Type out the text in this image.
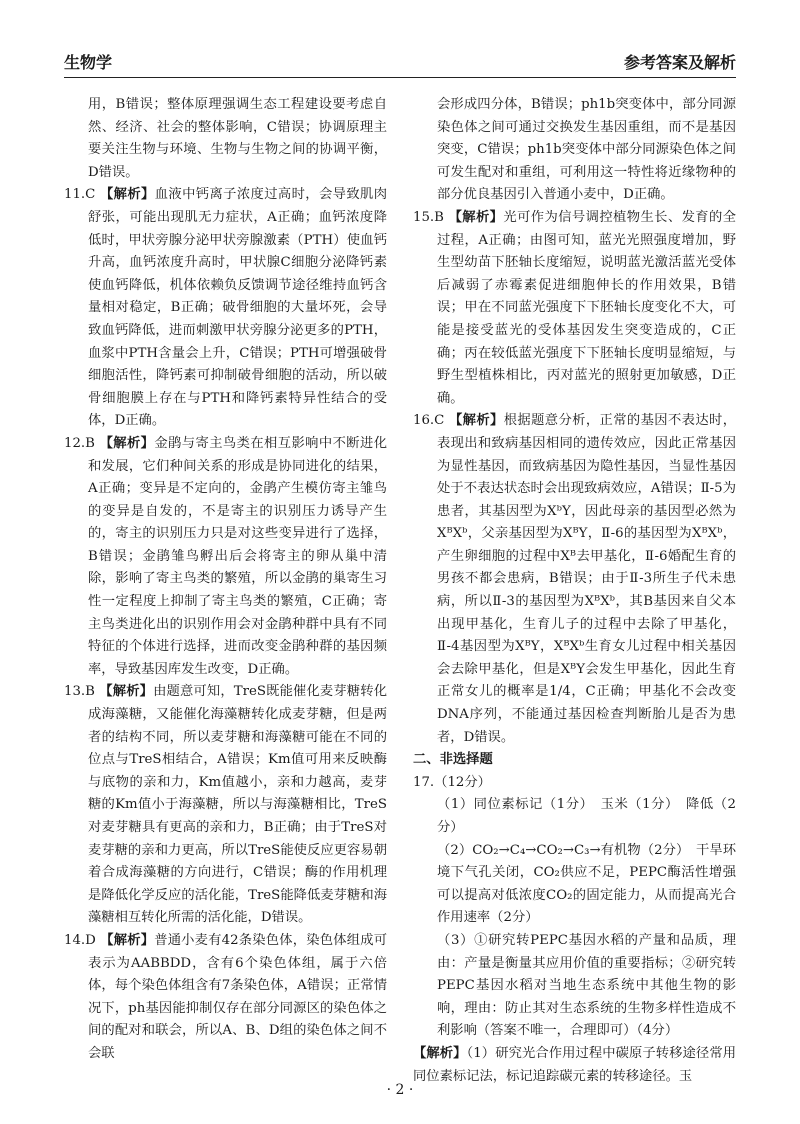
生物学	参考答案及解析

用，B错误；整体原理强调生态工程建设要考虑自然、经济、社会的整体影响，C错误；协调原理主要关注生物与环境、生物与生物之间的协调平衡，D错误。

11.C 【解析】血液中钙离子浓度过高时，会导致肌肉舒张，可能出现肌无力症状，A正确；血钙浓度降低时，甲状旁腺分泌甲状旁腺激素（PTH）使血钙升高，血钙浓度升高时，甲状腺C细胞分泌降钙素使血钙降低，机体依赖负反馈调节途径维持血钙含量相对稳定，B正确；破骨细胞的大量坏死，会导致血钙降低，进而刺激甲状旁腺分泌更多的PTH，血浆中PTH含量会上升，C错误；PTH可增强破骨细胞活性，降钙素可抑制破骨细胞的活动，所以破骨细胞膜上存在与PTH和降钙素特异性结合的受体，D正确。

12.B 【解析】金鹃与寄主鸟类在相互影响中不断进化和发展，它们种间关系的形成是协同进化的结果，A正确；变异是不定向的，金鹃产生模仿寄主雏鸟的变异是自发的，不是寄主的识别压力诱导产生的，寄主的识别压力只是对这些变异进行了选择，B错误；金鹃雏鸟孵出后会将寄主的卵从巢中清除，影响了寄主鸟类的繁殖，所以金鹃的巢寄生习性一定程度上抑制了寄主鸟类的繁殖，C正确；寄主鸟类进化出的识别作用会对金鹃种群中具有不同特征的个体进行选择，进而改变金鹃种群的基因频率，导致基因库发生改变，D正确。

13.B 【解析】由题意可知，TreS既能催化麦芽糖转化成海藻糖，又能催化海藻糖转化成麦芽糖，但是两者的结构不同，所以麦芽糖和海藻糖可能在不同的位点与TreS相结合，A错误；Km值可用来反映酶与底物的亲和力，Km值越小，亲和力越高，麦芽糖的Km值小于海藻糖，所以与海藻糖相比，TreS对麦芽糖具有更高的亲和力，B正确；由于TreS对麦芽糖的亲和力更高，所以TreS能使反应更容易朝着合成海藻糖的方向进行，C错误；酶的作用机理是降低化学反应的活化能，TreS能降低麦芽糖和海藻糖相互转化所需的活化能，D错误。

14.D 【解析】普通小麦有42条染色体，染色体组成可表示为AABBDD，含有6个染色体组，属于六倍体，每个染色体组含有7条染色体，A错误；正常情况下，ph基因能抑制仅存在部分同源区的染色体之间的配对和联会，所以A、B、D组的染色体之间不会联

会形成四分体，B错误；ph1b突变体中，部分同源染色体之间可通过交换发生基因重组，而不是基因突变，C错误；ph1b突变体中部分同源染色体之间可发生配对和重组，可利用这一特性将近缘物种的部分优良基因引入普通小麦中，D正确。

15.B 【解析】光可作为信号调控植物生长、发育的全过程，A正确；由图可知，蓝光光照强度增加，野生型幼苗下胚轴长度缩短，说明蓝光激活蓝光受体后减弱了赤霉素促进细胞伸长的作用效果，B错误；甲在不同蓝光强度下下胚轴长度变化不大，可能是接受蓝光的受体基因发生突变造成的，C正确；丙在较低蓝光强度下下胚轴长度明显缩短，与野生型植株相比，丙对蓝光的照射更加敏感，D正确。

16.C 【解析】根据题意分析，正常的基因不表达时，表现出和致病基因相同的遗传效应，因此正常基因为显性基因，而致病基因为隐性基因，当显性基因处于不表达状态时会出现致病效应，A错误；Ⅱ-5为患者，其基因型为XᵇY，因此母亲的基因型必然为XᴮXᵇ，父亲基因型为XᴮY，Ⅱ-6的基因型为XᴮXᵇ，产生卵细胞的过程中Xᴮ去甲基化，Ⅱ-6婚配生育的男孩不都会患病，B错误；由于Ⅱ-3所生子代未患病，所以Ⅱ-3的基因型为XᴮXᵇ，其B基因来自父本出现甲基化，生育儿子的过程中去除了甲基化，Ⅱ-4基因型为XᴮY，XᴮXᵇ生育女儿过程中相关基因会去除甲基化，但是XᴮY会发生甲基化，因此生育正常女儿的概率是1/4，C正确；甲基化不会改变DNA序列，不能通过基因检查判断胎儿是否为患者，D错误。

二、非选择题

17.（12分）

（1）同位素标记（1分）　玉米（1分）　降低（2分）

（2）CO₂→C₄→CO₂→C₃→有机物（2分）　干旱环境下气孔关闭，CO₂供应不足，PEPC酶活性增强可以提高对低浓度CO₂的固定能力，从而提高光合作用速率（2分）

（3）①研究转PEPC基因水稻的产量和品质，理由：产量是衡量其应用价值的重要指标；②研究转PEPC基因水稻对当地生态系统中其他生物的影响，理由：防止其对生态系统的生物多样性造成不利影响（答案不唯一，合理即可）（4分）

【解析】（1）研究光合作用过程中碳原子转移途径常用同位素标记法，标记追踪碳元素的转移途径。玉

· 2 ·
